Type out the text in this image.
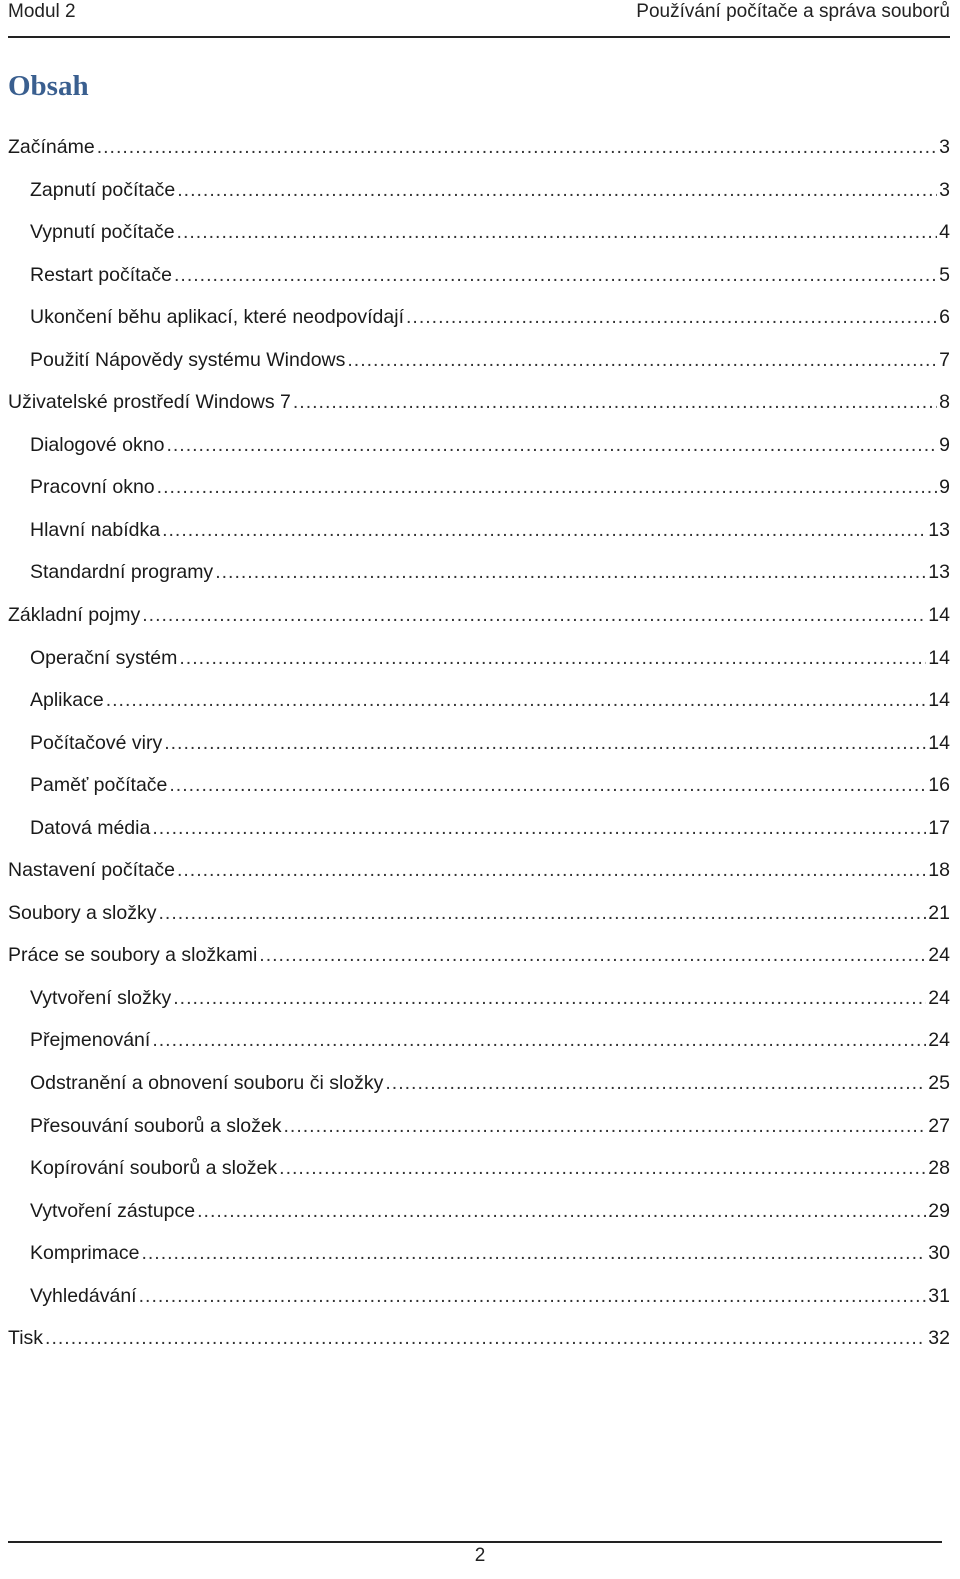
Modul 2	Používání počítače a správa souborů
Obsah
Začínáme .....	3
Zapnutí počítače .....	3
Vypnutí počítače .....	4
Restart počítače .....	5
Ukončení běhu aplikací, které neodpovídají .....	6
Použití Nápovědy systému Windows .....	7
Uživatelské prostředí Windows 7 .....	8
Dialogové okno .....	9
Pracovní okno .....	9
Hlavní nabídka .....	13
Standardní programy .....	13
Základní pojmy .....	14
Operační systém .....	14
Aplikace .....	14
Počítačové viry .....	14
Paměť počítače .....	16
Datová média .....	17
Nastavení počítače .....	18
Soubory a složky .....	21
Práce se soubory a složkami .....	24
Vytvoření složky .....	24
Přejmenování .....	24
Odstranění a obnovení souboru či složky .....	25
Přesouvání souborů a složek .....	27
Kopírování souborů a složek .....	28
Vytvoření zástupce .....	29
Komprimace .....	30
Vyhledávání .....	31
Tisk .....	32
2
